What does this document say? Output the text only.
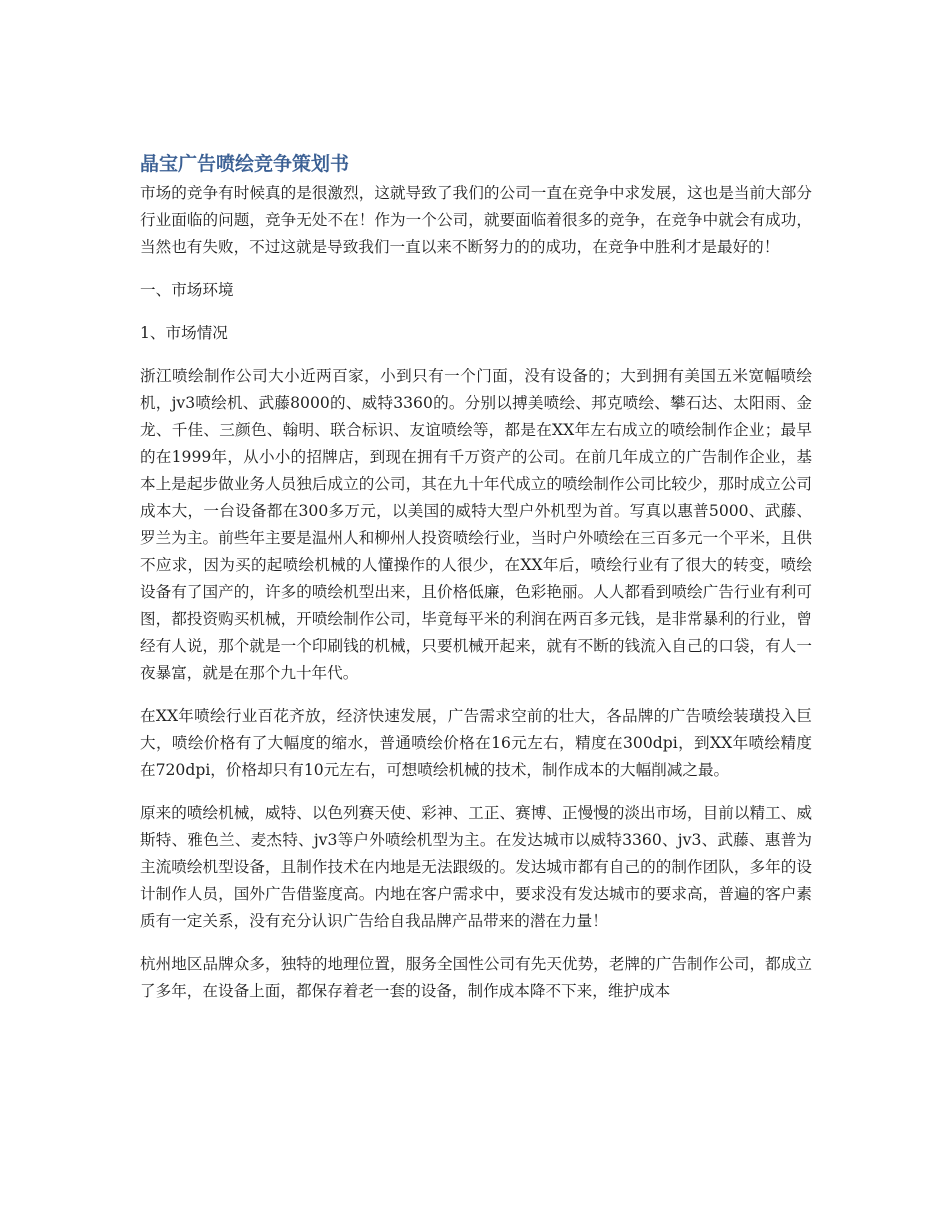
晶宝广告喷绘竞争策划书

市场的竞争有时候真的是很激烈，这就导致了我们的公司一直在竞争中求发展，这也是当前大部分行业面临的问题，竞争无处不在！作为一个公司，就要面临着很多的竞争，在竞争中就会有成功，当然也有失败，不过这就是导致我们一直以来不断努力的的成功，在竞争中胜利才是最好的！

一、市场环境

1、市场情况

浙江喷绘制作公司大小近两百家，小到只有一个门面，没有设备的；大到拥有美国五米宽幅喷绘机，jv3喷绘机、武藤8000的、威特3360的。分别以搏美喷绘、邦克喷绘、攀石达、太阳雨、金龙、千佳、三颜色、翰明、联合标识、友谊喷绘等，都是在XX年左右成立的喷绘制作企业；最早的在1999年，从小小的招牌店，到现在拥有千万资产的公司。在前几年成立的广告制作企业，基本上是起步做业务人员独后成立的公司，其在九十年代成立的喷绘制作公司比较少，那时成立公司成本大，一台设备都在300多万元，以美国的威特大型户外机型为首。写真以惠普5000、武藤、罗兰为主。前些年主要是温州人和柳州人投资喷绘行业，当时户外喷绘在三百多元一个平米，且供不应求，因为买的起喷绘机械的人懂操作的人很少，在XX年后，喷绘行业有了很大的转变，喷绘设备有了国产的，许多的喷绘机型出来，且价格低廉，色彩艳丽。人人都看到喷绘广告行业有利可图，都投资购买机械，开喷绘制作公司，毕竟每平米的利润在两百多元钱，是非常暴利的行业，曾经有人说，那个就是一个印刷钱的机械，只要机械开起来，就有不断的钱流入自己的口袋，有人一夜暴富，就是在那个九十年代。

在XX年喷绘行业百花齐放，经济快速发展，广告需求空前的壮大，各品牌的广告喷绘装璜投入巨大，喷绘价格有了大幅度的缩水，普通喷绘价格在16元左右，精度在300dpi，到XX年喷绘精度在720dpi，价格却只有10元左右，可想喷绘机械的技术，制作成本的大幅削减之最。

原来的喷绘机械，威特、以色列赛天使、彩神、工正、赛博、正慢慢的淡出市场，目前以精工、威斯特、雅色兰、麦杰特、jv3等户外喷绘机型为主。在发达城市以威特3360、jv3、武藤、惠普为主流喷绘机型设备，且制作技术在内地是无法跟级的。发达城市都有自己的的制作团队，多年的设计制作人员，国外广告借鉴度高。内地在客户需求中，要求没有发达城市的要求高，普遍的客户素质有一定关系，没有充分认识广告给自我品牌产品带来的潜在力量！

杭州地区品牌众多，独特的地理位置，服务全国性公司有先天优势，老牌的广告制作公司，都成立了多年，在设备上面，都保存着老一套的设备，制作成本降不下来，维护成本
